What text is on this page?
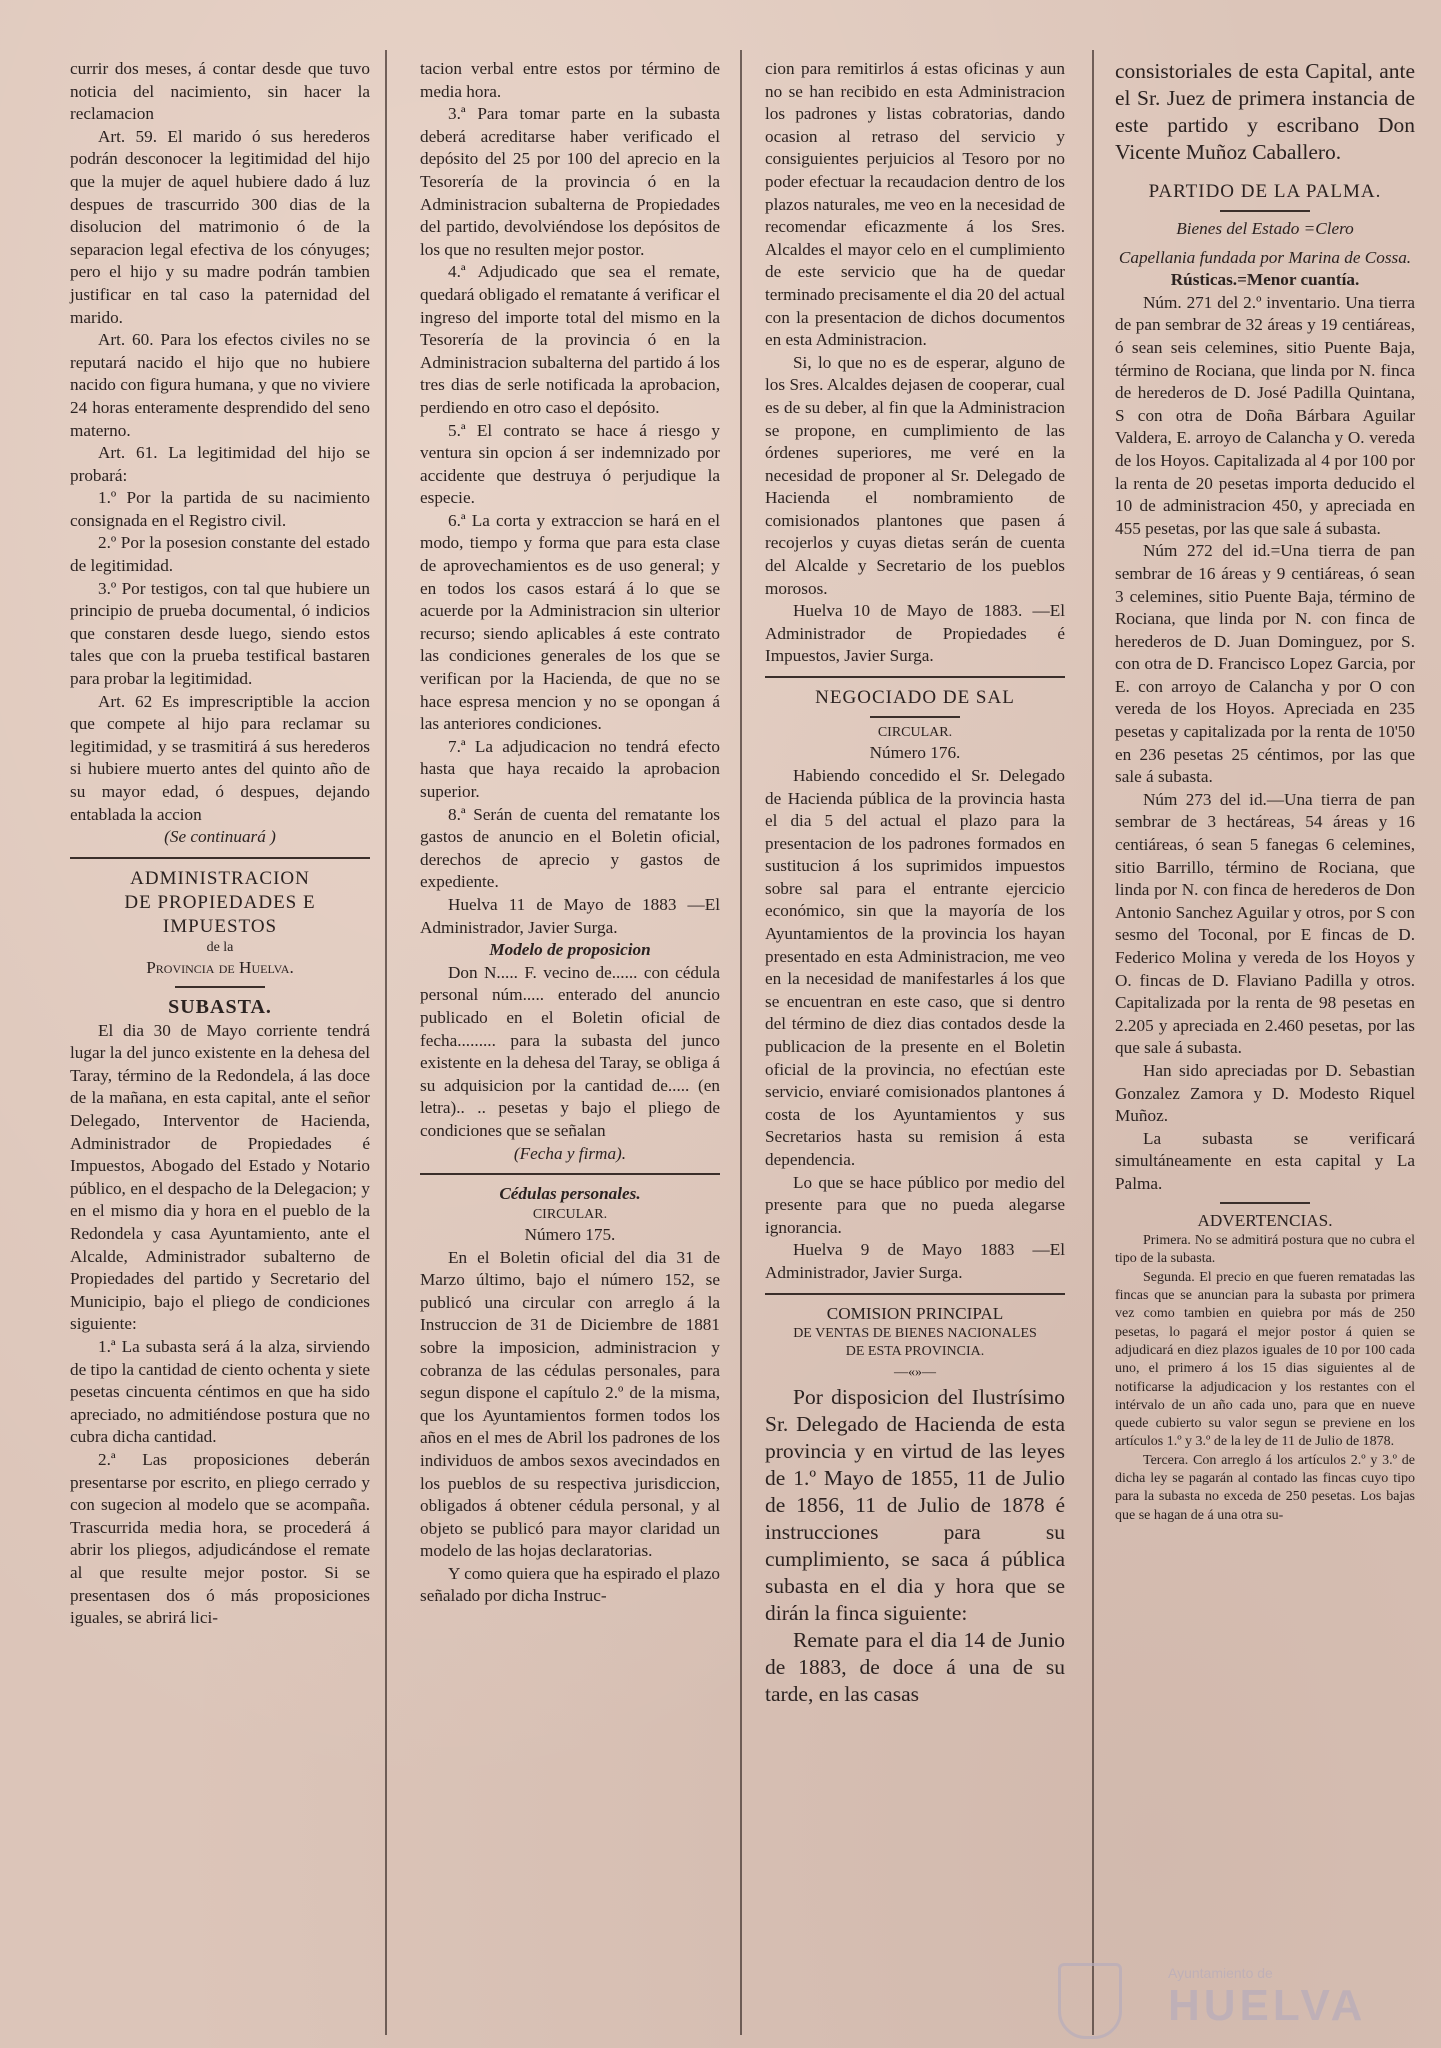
currir dos meses, á contar desde que tuvo noticia del nacimiento, sin hacer la reclamacion

Art. 59. El marido ó sus herederos podrán desconocer la legitimidad del hijo que la mujer de aquel hubiere dado á luz despues de trascurrido 300 dias de la disolucion del matrimonio ó de la separacion legal efectiva de los cónyuges; pero el hijo y su madre podrán tambien justificar en tal caso la paternidad del marido.

Art. 60. Para los efectos civiles no se reputará nacido el hijo que no hubiere nacido con figura humana, y que no viviere 24 horas enteramente desprendido del seno materno.

Art. 61. La legitimidad del hijo se probará:

1.º Por la partida de su nacimiento consignada en el Registro civil.

2.º Por la posesion constante del estado de legitimidad.

3.º Por testigos, con tal que hubiere un principio de prueba documental, ó indicios que constaren desde luego, siendo estos tales que con la prueba testifical bastaren para probar la legitimidad.

Art. 62 Es imprescriptible la accion que compete al hijo para reclamar su legitimidad, y se trasmitirá á sus herederos si hubiere muerto antes del quinto año de su mayor edad, ó despues, dejando entablada la accion

(Se continuará )

ADMINISTRACION

DE PROPIEDADES E IMPUESTOS

de la

Provincia de Huelva.

SUBASTA.

El dia 30 de Mayo corriente tendrá lugar la del junco existente en la dehesa del Taray, término de la Redondela, á las doce de la mañana, en esta capital, ante el señor Delegado, Interventor de Hacienda, Administrador de Propiedades é Impuestos, Abogado del Estado y Notario público, en el despacho de la Delegacion; y en el mismo dia y hora en el pueblo de la Redondela y casa Ayuntamiento, ante el Alcalde, Administrador subalterno de Propiedades del partido y Secretario del Municipio, bajo el pliego de condiciones siguiente:

1.ª La subasta será á la alza, sirviendo de tipo la cantidad de ciento ochenta y siete pesetas cincuenta céntimos en que ha sido apreciado, no admitiéndose postura que no cubra dicha cantidad.

2.ª Las proposiciones deberán presentarse por escrito, en pliego cerrado y con sugecion al modelo que se acompaña. Trascurrida media hora, se procederá á abrir los pliegos, adjudicándose el remate al que resulte mejor postor. Si se presentasen dos ó más proposiciones iguales, se abrirá lici-

tacion verbal entre estos por término de media hora.

3.ª Para tomar parte en la subasta deberá acreditarse haber verificado el depósito del 25 por 100 del aprecio en la Tesorería de la provincia ó en la Administracion subalterna de Propiedades del partido, devolviéndose los depósitos de los que no resulten mejor postor.

4.ª Adjudicado que sea el remate, quedará obligado el rematante á verificar el ingreso del importe total del mismo en la Tesorería de la provincia ó en la Administracion subalterna del partido á los tres dias de serle notificada la aprobacion, perdiendo en otro caso el depósito.

5.ª El contrato se hace á riesgo y ventura sin opcion á ser indemnizado por accidente que destruya ó perjudique la especie.

6.ª La corta y extraccion se hará en el modo, tiempo y forma que para esta clase de aprovechamientos es de uso general; y en todos los casos estará á lo que se acuerde por la Administracion sin ulterior recurso; siendo aplicables á este contrato las condiciones generales de los que se verifican por la Hacienda, de que no se hace espresa mencion y no se opongan á las anteriores condiciones.

7.ª La adjudicacion no tendrá efecto hasta que haya recaido la aprobacion superior.

8.ª Serán de cuenta del rematante los gastos de anuncio en el Boletin oficial, derechos de aprecio y gastos de expediente.

Huelva 11 de Mayo de 1883 —El Administrador, Javier Surga.

Modelo de proposicion

Don N..... F. vecino de...... con cédula personal núm..... enterado del anuncio publicado en el Boletin oficial de fecha......... para la subasta del junco existente en la dehesa del Taray, se obliga á su adquisicion por la cantidad de..... (en letra).. .. pesetas y bajo el pliego de condiciones que se señalan

(Fecha y firma).

Cédulas personales.

CIRCULAR.

Número 175.

En el Boletin oficial del dia 31 de Marzo último, bajo el número 152, se publicó una circular con arreglo á la Instruccion de 31 de Diciembre de 1881 sobre la imposicion, administracion y cobranza de las cédulas personales, para segun dispone el capítulo 2.º de la misma, que los Ayuntamientos formen todos los años en el mes de Abril los padrones de los individuos de ambos sexos avecindados en los pueblos de su respectiva jurisdiccion, obligados á obtener cédula personal, y al objeto se publicó para mayor claridad un modelo de las hojas declaratorias.

Y como quiera que ha espirado el plazo señalado por dicha Instruc-

cion para remitirlos á estas oficinas y aun no se han recibido en esta Administracion los padrones y listas cobratorias, dando ocasion al retraso del servicio y consiguientes perjuicios al Tesoro por no poder efectuar la recaudacion dentro de los plazos naturales, me veo en la necesidad de recomendar eficazmente á los Sres. Alcaldes el mayor celo en el cumplimiento de este servicio que ha de quedar terminado precisamente el dia 20 del actual con la presentacion de dichos documentos en esta Administracion.

Si, lo que no es de esperar, alguno de los Sres. Alcaldes dejasen de cooperar, cual es de su deber, al fin que la Administracion se propone, en cumplimiento de las órdenes superiores, me veré en la necesidad de proponer al Sr. Delegado de Hacienda el nombramiento de comisionados plantones que pasen á recojerlos y cuyas dietas serán de cuenta del Alcalde y Secretario de los pueblos morosos.

Huelva 10 de Mayo de 1883. —El Administrador de Propiedades é Impuestos, Javier Surga.

NEGOCIADO DE SAL

CIRCULAR.

Número 176.

Habiendo concedido el Sr. Delegado de Hacienda pública de la provincia hasta el dia 5 del actual el plazo para la presentacion de los padrones formados en sustitucion á los suprimidos impuestos sobre sal para el entrante ejercicio económico, sin que la mayoría de los Ayuntamientos de la provincia los hayan presentado en esta Administracion, me veo en la necesidad de manifestarles á los que se encuentran en este caso, que si dentro del término de diez dias contados desde la publicacion de la presente en el Boletin oficial de la provincia, no efectúan este servicio, enviaré comisionados plantones á costa de los Ayuntamientos y sus Secretarios hasta su remision á esta dependencia.

Lo que se hace público por medio del presente para que no pueda alegarse ignorancia.

Huelva 9 de Mayo 1883 —El Administrador, Javier Surga.

COMISION PRINCIPAL

DE VENTAS DE BIENES NACIONALES

DE ESTA PROVINCIA.

—«»—

Por disposicion del Ilustrísimo Sr. Delegado de Hacienda de esta provincia y en virtud de las leyes de 1.º Mayo de 1855, 11 de Julio de 1856, 11 de Julio de 1878 é instrucciones para su cumplimiento, se saca á pública subasta en el dia y hora que se dirán la finca siguiente:

Remate para el dia 14 de Junio de 1883, de doce á una de su tarde, en las casas

consistoriales de esta Capital, ante el Sr. Juez de primera instancia de este partido y escribano Don Vicente Muñoz Caballero.

PARTIDO DE LA PALMA.

Bienes del Estado =Clero

Capellania fundada por Marina de Cossa.

Rústicas.=Menor cuantía.

Núm. 271 del 2.º inventario. Una tierra de pan sembrar de 32 áreas y 19 centiáreas, ó sean seis celemines, sitio Puente Baja, término de Rociana, que linda por N. finca de herederos de D. José Padilla Quintana, S con otra de Doña Bárbara Aguilar Valdera, E. arroyo de Calancha y O. vereda de los Hoyos. Capitalizada al 4 por 100 por la renta de 20 pesetas importa deducido el 10 de administracion 450, y apreciada en 455 pesetas, por las que sale á subasta.

Núm 272 del id.=Una tierra de pan sembrar de 16 áreas y 9 centiáreas, ó sean 3 celemines, sitio Puente Baja, término de Rociana, que linda por N. con finca de herederos de D. Juan Dominguez, por S. con otra de D. Francisco Lopez Garcia, por E. con arroyo de Calancha y por O con vereda de los Hoyos. Apreciada en 235 pesetas y capitalizada por la renta de 10'50 en 236 pesetas 25 céntimos, por las que sale á subasta.

Núm 273 del id.—Una tierra de pan sembrar de 3 hectáreas, 54 áreas y 16 centiáreas, ó sean 5 fanegas 6 celemines, sitio Barrillo, término de Rociana, que linda por N. con finca de herederos de Don Antonio Sanchez Aguilar y otros, por S con sesmo del Toconal, por E fincas de D. Federico Molina y vereda de los Hoyos y O. fincas de D. Flaviano Padilla y otros. Capitalizada por la renta de 98 pesetas en 2.205 y apreciada en 2.460 pesetas, por las que sale á subasta.

Han sido apreciadas por D. Sebastian Gonzalez Zamora y D. Modesto Riquel Muñoz.

La subasta se verificará simultáneamente en esta capital y La Palma.

ADVERTENCIAS.

Primera. No se admitirá postura que no cubra el tipo de la subasta.

Segunda. El precio en que fueren rematadas las fincas que se anuncian para la subasta por primera vez como tambien en quiebra por más de 250 pesetas, lo pagará el mejor postor á quien se adjudicará en diez plazos iguales de 10 por 100 cada uno, el primero á los 15 dias siguientes al de notificarse la adjudicacion y los restantes con el intérvalo de un año cada uno, para que en nueve quede cubierto su valor segun se previene en los artículos 1.º y 3.º de la ley de 11 de Julio de 1878.

Tercera. Con arreglo á los artículos 2.º y 3.º de dicha ley se pagarán al contado las fincas cuyo tipo para la subasta no exceda de 250 pesetas. Los bajas que se hagan de á una otra su-

Ayuntamiento de
HUELVA
